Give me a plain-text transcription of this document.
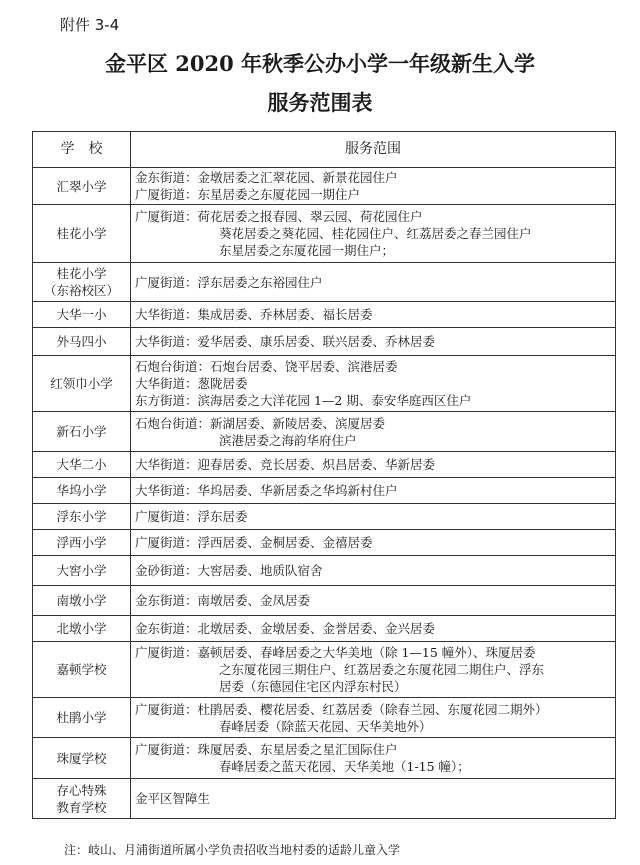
附件 3-4
金平区 2020 年秋季公办小学一年级新生入学
服务范围表
学　校	服务范围

汇翠小学	金东街道：金墩居委之汇翠花园、新景花园住户
广厦街道：东星居委之东厦花园一期住户

桂花小学	广厦街道：荷花居委之报春园、翠云园、荷花园住户
葵花居委之葵花园、桂花园住户、红荔居委之春兰园住户
东星居委之东厦花园一期住户；

桂花小学
（东裕校区）	广厦街道：浮东居委之东裕园住户

大华一小	大华街道：集成居委、乔林居委、福长居委

外马四小	大华街道：爱华居委、康乐居委、联兴居委、乔林居委

红领巾小学	石炮台街道：石炮台居委、饶平居委、滨港居委
大华街道：葱陇居委
东方街道：滨海居委之大洋花园 1—2 期、泰安华庭西区住户

新石小学	石炮台街道：新湖居委、新陵居委、滨厦居委
滨港居委之海韵华府住户

大华二小	大华街道：迎春居委、竞长居委、炽昌居委、华新居委

华坞小学	大华街道：华坞居委、华新居委之华坞新村住户

浮东小学	广厦街道：浮东居委

浮西小学	广厦街道：浮西居委、金桐居委、金禧居委

大窖小学	金砂街道：大窖居委、地质队宿舍

南墩小学	金东街道：南墩居委、金凤居委

北墩小学	金东街道：北墩居委、金墩居委、金誉居委、金兴居委

嘉顿学校	广厦街道：嘉顿居委、春峰居委之大华美地（除 1—15 幢外）、珠厦居委
之东厦花园三期住户、红荔居委之东厦花园二期住户、浮东
居委（东德园住宅区内浮东村民）

杜鹃小学	广厦街道：杜鹃居委、樱花居委、红荔居委（除春兰园、东厦花园二期外）
春峰居委（除蓝天花园、天华美地外）

珠厦学校	广厦街道：珠厦居委、东星居委之星汇国际住户
春峰居委之蓝天花园、天华美地（1-15 幢）；

存心特殊
教育学校	金平区智障生
注：岐山、月浦街道所属小学负责招收当地村委的适龄儿童入学
